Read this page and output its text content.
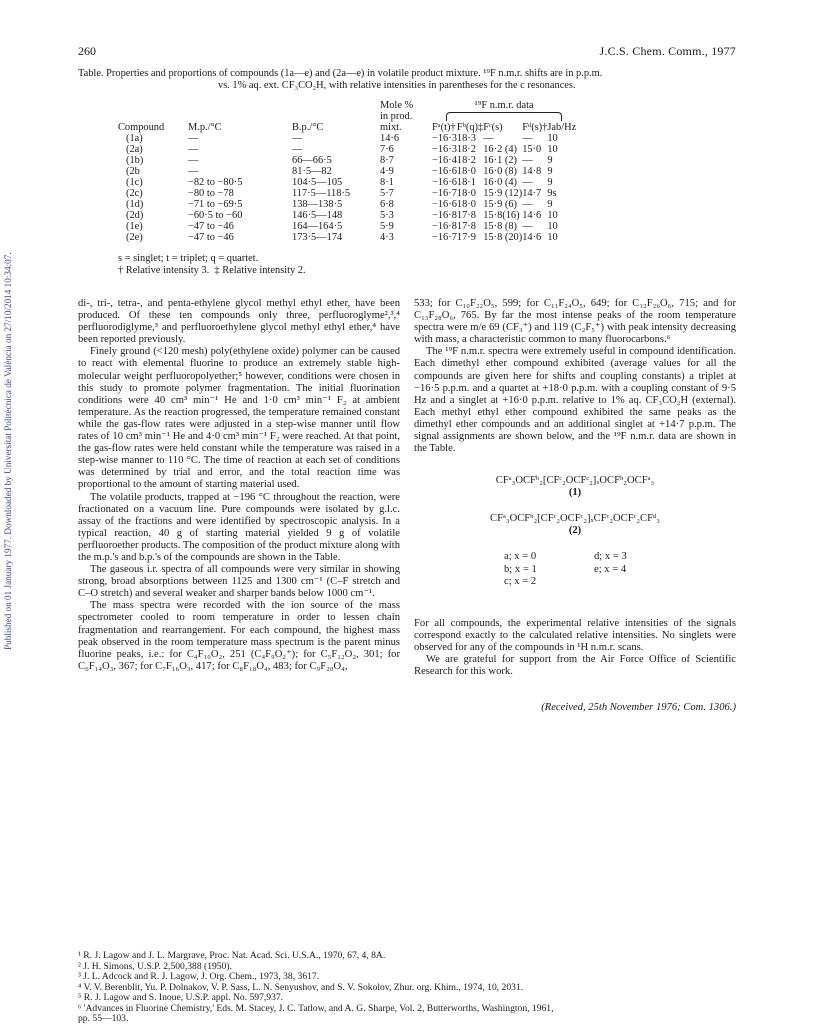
Published on 01 January 1977. Downloaded by Universitat Politècnica de València on 27/10/2014 10:34:07.
260	J.C.S. Chem. Comm., 1977
Table. Properties and proportions of compounds (1a—e) and (2a—e) in volatile product mixture. ¹⁹F n.m.r. shifts are in p.p.m.
vs. 1% aq. ext. CF₃CO₂H, with relative intensities in parentheses for the c resonances.
			Mole %	¹⁹F n.m.r. data				
			in prod.					

Compound	M.p./°C	B.p./°C	mixt.	Fᵃ(t)†	Fᵇ(q)‡	Fᶜ(s)	Fᵈ(s)†	Jab/Hz
(1a)	—	—	14·6	−16·3	18·3	—	—	10
(2a)	—	—	7·6	−16·3	18·2	16·2 (4)	15·0	10
(1b)	—	66—66·5	8·7	−16·4	18·2	16·1 (2)	—	9
(2b	—	81·5—82	4·9	−16·6	18·0	16·0 (8)	14·8	9
(1c)	−82 to −80·5	104·5—105	8·1	−16·6	18·1	16·0 (4)	—	9
(2c)	−80 to −78	117·5—118·5	5·7	−16·7	18·0	15·9 (12)	14·7	9s
(1d)	−71 to −69·5	138—138·5	6·8	−16·6	18·0	15·9 (6)	—	9
(2d)	−60·5 to −60	146·5—148	5·3	−16·8	17·8	15·8(16)	14·6	10
(1e)	−47 to −46	164—164·5	5·9	−16·8	17·8	15·8 (8)	—	10
(2e)	−47 to −46	173·5—174	4·3	−16·7	17·9	15·8 (20)	14·6	10
s = singlet; t = triplet; q = quartet.
† Relative intensity 3. ‡ Relative intensity 2.

di-, tri-, tetra-, and penta-ethylene glycol methyl ethyl ether, have been produced. Of these ten compounds only three, perfluoroglyme²,³,⁴ perfluorodiglyme,³ and perfluoroethylene glycol methyl ethyl ether,⁴ have been reported previously.

Finely ground (<120 mesh) poly(ethylene oxide) polymer can be caused to react with elemental fluorine to produce an extremely stable high-molecular weight perfluoropolyether;⁵ however, conditions were chosen in this study to promote polymer fragmentation. The initial fluorination conditions were 40 cm³ min⁻¹ He and 1·0 cm³ min⁻¹ F₂ at ambient temperature. As the reaction progressed, the temperature remained constant while the gas-flow rates were adjusted in a step-wise manner until flow rates of 10 cm³ min⁻¹ He and 4·0 cm³ min⁻¹ F₂ were reached. At that point, the gas-flow rates were held constant while the temperature was raised in a step-wise manner to 110 °C. The time of reaction at each set of conditions was determined by trial and error, and the total reaction time was proportional to the amount of starting material used.

The volatile products, trapped at −196 °C throughout the reaction, were fractionated on a vacuum line. Pure compounds were isolated by g.l.c. assay of the fractions and were identified by spectroscopic analysis. In a typical reaction, 40 g of starting material yielded 9 g of volatile perfluoroether products. The composition of the product mixture along with the m.p.'s and b.p.'s of the compounds are shown in the Table.

The gaseous i.r. spectra of all compounds were very similar in showing strong, broad absorptions between 1125 and 1300 cm⁻¹ (C–F stretch and C–O stretch) and several weaker and sharper bands below 1000 cm⁻¹.

The mass spectra were recorded with the ion source of the mass spectrometer cooled to room temperature in order to lessen chain fragmentation and rearrangement. For each compound, the highest mass peak observed in the room temperature mass spectrum is the parent minus fluorine peaks, i.e.: for C₄F₁₀O₂, 251 (C₄F₉O₂⁺); for C₅F₁₂O₂, 301; for C₆F₁₄O₃, 367; for C₇F₁₆O₃, 417; for C₈F₁₈O₄, 483; for C₉F₂₀O₄,

533; for C₁₀F₂₂O₅, 599; for C₁₁F₂₄O₅, 649; for C₁₂F₂₆O₆, 715; and for C₁₃F₂₈O₆, 765. By far the most intense peaks of the room temperature spectra were m/e 69 (CF₃⁺) and 119 (C₂F₅⁺) with peak intensity decreasing with mass, a characteristic common to many fluorocarbons.⁶

The ¹⁹F n.m.r. spectra were extremely useful in compound identification. Each dimethyl ether compound exhibited (average values for all the compounds are given here for shifts and coupling constants) a triplet at −16·5 p.p.m. and a quartet at +18·0 p.p.m. with a coupling constant of 9·5 Hz and a singlet at +16·0 p.p.m. relative to 1% aq. CF₃CO₂H (external). Each methyl ethyl ether compound exhibited the same peaks as the dimethyl ether compounds and an additional singlet at +14·7 p.p.m. The signal assignments are shown below, and the ¹⁹F n.m.r. data are shown in the Table.

CFᵃ₃OCFᵇ₂[CFᶜ₂OCFᶜ₂]ₓOCFᵇ₂OCFᵃ₃
(1)
CFᵃ₃OCFᵇ₂[CFᶜ₂OCFᶜ₂]ₓCFᶜ₂OCFᶜ₂CFᵈ₃
(2)
a; x = 0	d; x = 3
b; x = 1	e; x = 4
c; x = 2

For all compounds, the experimental relative intensities of the signals correspond exactly to the calculated relative intensities. No singlets were observed for any of the compounds in ¹H n.m.r. scans.

We are grateful for support from the Air Force Office of Scientific Research for this work.

(Received, 25th November 1976; Com. 1306.)
¹ R. J. Lagow and J. L. Margrave, Proc. Nat. Acad. Sci. U.S.A., 1970, 67, 4, 8A.
² J. H. Simons, U.S.P. 2,500,388 (1950).
³ J. L. Adcock and R. J. Lagow, J. Org. Chem., 1973, 38, 3617.
⁴ V. V. Berenblit, Yu. P. Dolnakov, V. P. Sass, L. N. Senyushov, and S. V. Sokolov, Zhur. org. Khim., 1974, 10, 2031.
⁵ R. J. Lagow and S. Inoue, U.S.P. appl. No. 597,937.
⁶ 'Advances in Fluorine Chemistry,' Eds. M. Stacey, J. C. Tatlow, and A. G. Sharpe, Vol. 2, Butterworths, Washington, 1961,
pp. 55—103.
